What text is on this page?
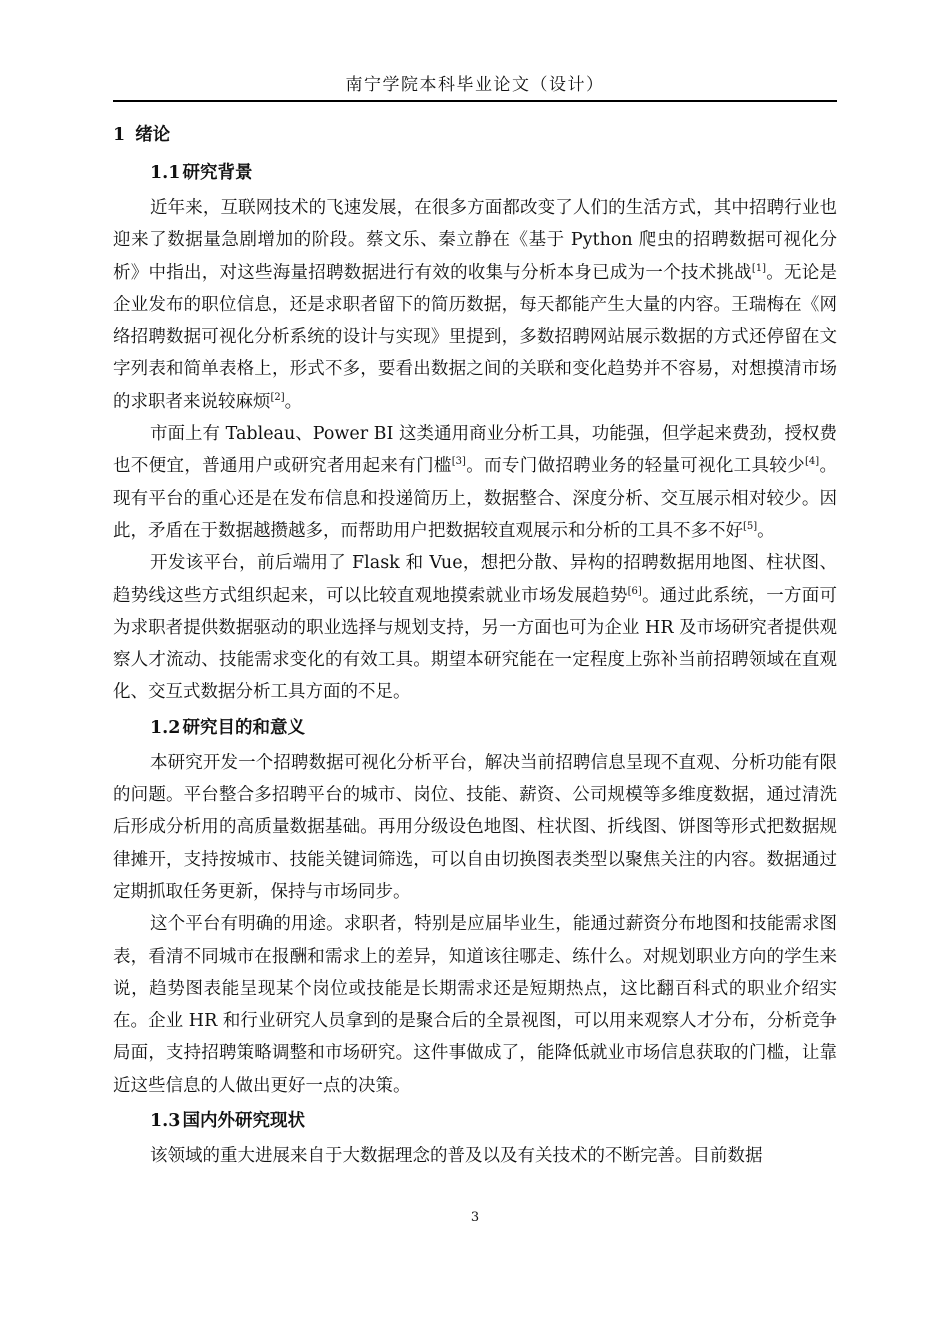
南宁学院本科毕业论文（设计）
1 绪论
1.1 研究背景

近年来，互联网技术的飞速发展，在很多方面都改变了人们的生活方式，其中招聘行业也迎来了数据量急剧增加的阶段。蔡文乐、秦立静在《基于 Python 爬虫的招聘数据可视化分析》中指出，对这些海量招聘数据进行有效的收集与分析本身已成为一个技术挑战[1]。无论是企业发布的职位信息，还是求职者留下的简历数据，每天都能产生大量的内容。王瑞梅在《网络招聘数据可视化分析系统的设计与实现》里提到，多数招聘网站展示数据的方式还停留在文字列表和简单表格上，形式不多，要看出数据之间的关联和变化趋势并不容易，对想摸清市场的求职者来说较麻烦[2]。

市面上有 Tableau、Power BI 这类通用商业分析工具，功能强，但学起来费劲，授权费也不便宜，普通用户或研究者用起来有门槛[3]。而专门做招聘业务的轻量可视化工具较少[4]。现有平台的重心还是在发布信息和投递简历上，数据整合、深度分析、交互展示相对较少。因此，矛盾在于数据越攒越多，而帮助用户把数据较直观展示和分析的工具不多不好[5]。

开发该平台，前后端用了 Flask 和 Vue，想把分散、异构的招聘数据用地图、柱状图、趋势线这些方式组织起来，可以比较直观地摸索就业市场发展趋势[6]。通过此系统，一方面可为求职者提供数据驱动的职业选择与规划支持，另一方面也可为企业 HR 及市场研究者提供观察人才流动、技能需求变化的有效工具。期望本研究能在一定程度上弥补当前招聘领域在直观化、交互式数据分析工具方面的不足。

1.2 研究目的和意义

本研究开发一个招聘数据可视化分析平台，解决当前招聘信息呈现不直观、分析功能有限的问题。平台整合多招聘平台的城市、岗位、技能、薪资、公司规模等多维度数据，通过清洗后形成分析用的高质量数据基础。再用分级设色地图、柱状图、折线图、饼图等形式把数据规律摊开，支持按城市、技能关键词筛选，可以自由切换图表类型以聚焦关注的内容。数据通过定期抓取任务更新，保持与市场同步。

这个平台有明确的用途。求职者，特别是应届毕业生，能通过薪资分布地图和技能需求图表，看清不同城市在报酬和需求上的差异，知道该往哪走、练什么。对规划职业方向的学生来说，趋势图表能呈现某个岗位或技能是长期需求还是短期热点，这比翻百科式的职业介绍实在。企业 HR 和行业研究人员拿到的是聚合后的全景视图，可以用来观察人才分布，分析竞争局面，支持招聘策略调整和市场研究。这件事做成了，能降低就业市场信息获取的门槛，让靠近这些信息的人做出更好一点的决策。

1.3 国内外研究现状

该领域的重大进展来自于大数据理念的普及以及有关技术的不断完善。目前数据

3
